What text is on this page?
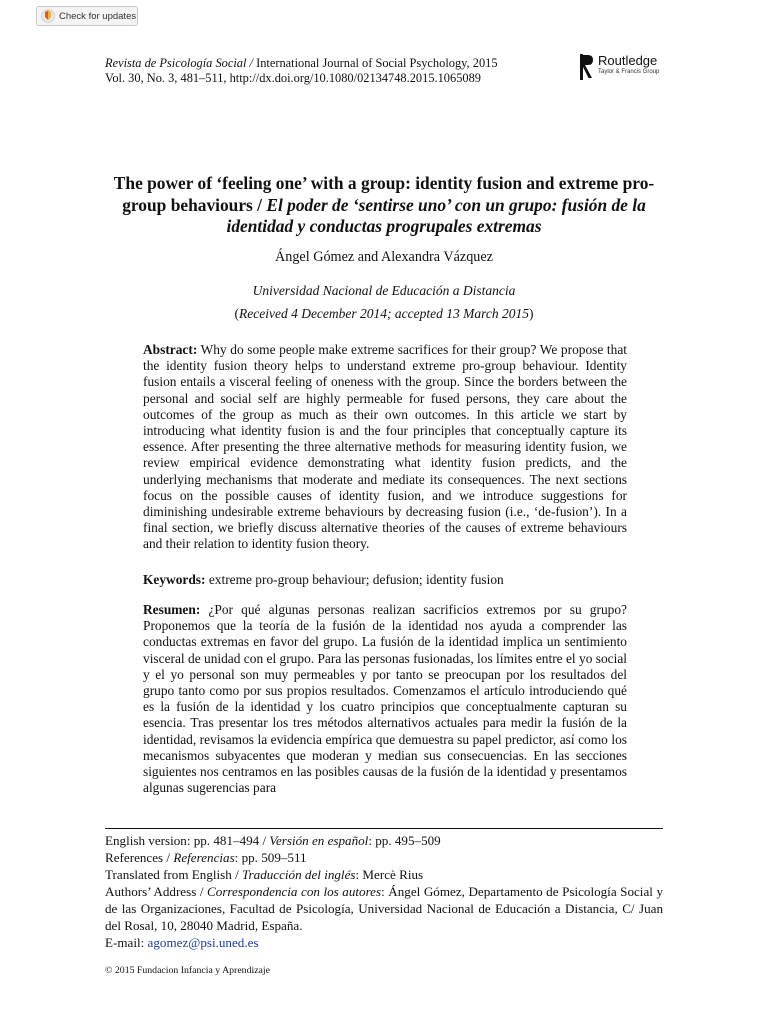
Check for updates
Revista de Psicología Social / International Journal of Social Psychology, 2015
Vol. 30, No. 3, 481–511, http://dx.doi.org/10.1080/02134748.2015.1065089
Routledge
Taylor & Francis Group
The power of ‘feeling one’ with a group: identity fusion and extreme pro-group behaviours / El poder de ‘sentirse uno’ con un grupo: fusión de la identidad y conductas progrupales extremas
Ángel Gómez and Alexandra Vázquez
Universidad Nacional de Educación a Distancia
(Received 4 December 2014; accepted 13 March 2015)
Abstract: Why do some people make extreme sacrifices for their group? We propose that the identity fusion theory helps to understand extreme pro-group behaviour. Identity fusion entails a visceral feeling of oneness with the group. Since the borders between the personal and social self are highly permeable for fused persons, they care about the outcomes of the group as much as their own outcomes. In this article we start by introducing what identity fusion is and the four principles that conceptually capture its essence. After presenting the three alternative methods for measuring identity fusion, we review empirical evidence demonstrating what identity fusion predicts, and the underlying mechanisms that moderate and mediate its consequences. The next sections focus on the possible causes of identity fusion, and we introduce suggestions for diminishing undesirable extreme behaviours by decreasing fusion (i.e., ‘de-fusion’). In a final section, we briefly discuss alternative theories of the causes of extreme behaviours and their relation to identity fusion theory.
Keywords: extreme pro-group behaviour; defusion; identity fusion
Resumen: ¿Por qué algunas personas realizan sacrificios extremos por su grupo? Proponemos que la teoría de la fusión de la identidad nos ayuda a comprender las conductas extremas en favor del grupo. La fusión de la identidad implica un sentimiento visceral de unidad con el grupo. Para las personas fusionadas, los límites entre el yo social y el yo personal son muy permeables y por tanto se preocupan por los resultados del grupo tanto como por sus propios resultados. Comenzamos el artículo introduciendo qué es la fusión de la identidad y los cuatro principios que conceptualmente capturan su esencia. Tras presentar los tres métodos alternativos actuales para medir la fusión de la identidad, revisamos la evidencia empírica que demuestra su papel predictor, así como los mecanismos subyacentes que moderan y median sus consecuencias. En las secciones siguientes nos centramos en las posibles causas de la fusión de la identidad y presentamos algunas sugerencias para
English version: pp. 481–494 / Versión en español: pp. 495–509
References / Referencias: pp. 509–511
Translated from English / Traducción del inglés: Mercè Rius
Authors’ Address / Correspondencia con los autores: Ángel Gómez, Departamento de Psicología Social y de las Organizaciones, Facultad de Psicología, Universidad Nacional de Educación a Distancia, C/ Juan del Rosal, 10, 28040 Madrid, España.
E-mail: agomez@psi.uned.es
© 2015 Fundacion Infancia y Aprendizaje
